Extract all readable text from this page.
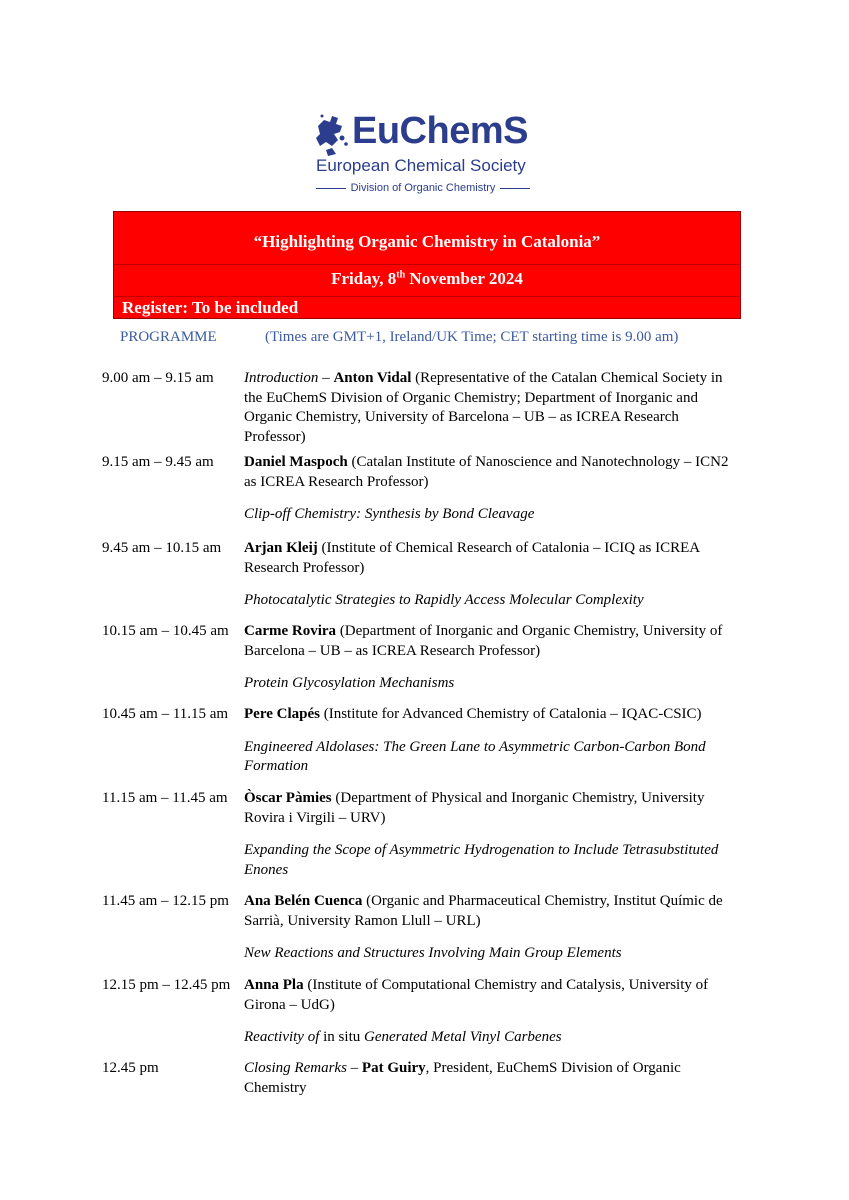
EuChemS
European Chemical Society
Division of Organic Chemistry
“Highlighting Organic Chemistry in Catalonia”
Friday, 8th November 2024
Register: To be included
PROGRAMME	(Times are GMT+1, Ireland/UK Time; CET starting time is 9.00 am)
9.00 am – 9.15 am Introduction – Anton Vidal (Representative of the Catalan Chemical Society in the EuChemS Division of Organic Chemistry; Department of Inorganic and Organic Chemistry, University of Barcelona – UB – as ICREA Research Professor)
9.15 am – 9.45 am Daniel Maspoch (Catalan Institute of Nanoscience and Nanotechnology – ICN2 as ICREA Research Professor)
Clip-off Chemistry: Synthesis by Bond Cleavage
9.45 am – 10.15 am Arjan Kleij (Institute of Chemical Research of Catalonia – ICIQ as ICREA Research Professor)
Photocatalytic Strategies to Rapidly Access Molecular Complexity
10.15 am – 10.45 am Carme Rovira (Department of Inorganic and Organic Chemistry, University of Barcelona – UB – as ICREA Research Professor)
Protein Glycosylation Mechanisms
10.45 am – 11.15 am Pere Clapés (Institute for Advanced Chemistry of Catalonia – IQAC-CSIC)
Engineered Aldolases: The Green Lane to Asymmetric Carbon-Carbon Bond Formation
11.15 am – 11.45 am Òscar Pàmies (Department of Physical and Inorganic Chemistry, University Rovira i Virgili – URV)
Expanding the Scope of Asymmetric Hydrogenation to Include Tetrasubstituted Enones
11.45 am – 12.15 pm Ana Belén Cuenca (Organic and Pharmaceutical Chemistry, Institut Químic de Sarrià, University Ramon Llull – URL)
New Reactions and Structures Involving Main Group Elements
12.15 pm – 12.45 pm Anna Pla (Institute of Computational Chemistry and Catalysis, University of Girona – UdG)
Reactivity of in situ Generated Metal Vinyl Carbenes
12.45 pm	Closing Remarks – Pat Guiry, President, EuChemS Division of Organic Chemistry
